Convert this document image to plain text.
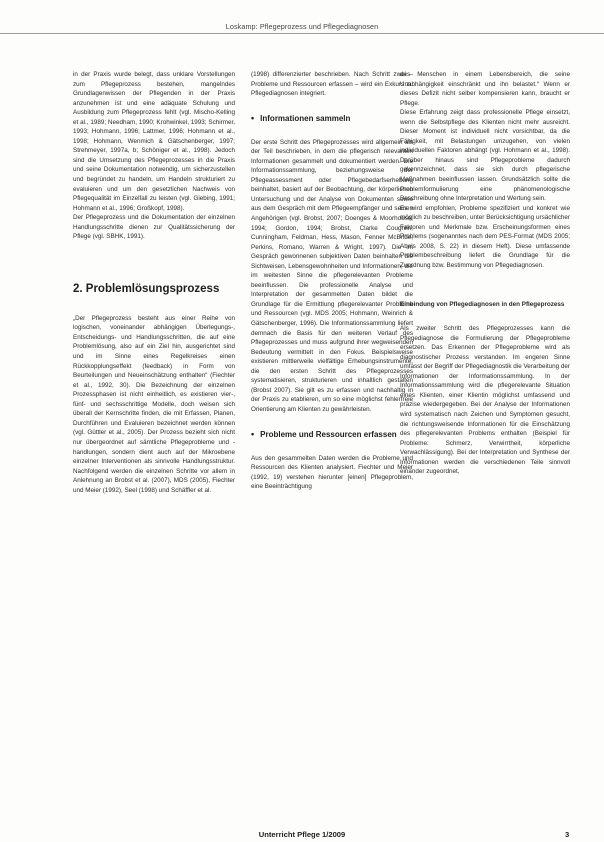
Loskamp: Pflegeprozess und Pflegediagnosen

in der Praxis wurde belegt, dass unklare Vorstellungen zum Pflegeprozess bestehen, mangelndes Grundlagenwissen der Pflegenden in der Praxis anzunehmen ist und eine adäquate Schulung und Ausbildung zum Pflegeprozess fehlt (vgl. Mischo-Kelling et al., 1989; Needham, 1990; Krohwinkel, 1993; Schirmer, 1993; Hohmann, 1996; Lattmer, 1996; Hohmann et al., 1998; Hohmann, Wenmich & Gätschenberger, 1997; Strehmeyer, 1997a, b; Schöniger et al., 1998). Jedoch sind die Umsetzung des Pflegeprozesses in die Praxis und seine Dokumentation notwendig, um sicherzustellen und begründet zu handeln, um Handeln strukturiert zu evaluieren und um den gesetzlichen Nachweis von Pflegequalität im Einzelfall zu leisten (vgl. Giebing, 1991; Hohmann et al., 1996; Großkopf, 1998).

Der Pflegeprozess und die Dokumentation der einzelnen Handlungsschritte dienen zur Qualitätssicherung der Pflege (vgl. SBHK, 1991).

2. Problemlösungsprozess

„Der Pflegeprozess besteht aus einer Reihe von logischen, voneinander abhängigen Überlegungs-, Entscheidungs- und Handlungsschritten, die auf eine Problemlösung, also auf ein Ziel hin, ausgerichtet sind und im Sinne eines Regelkreises einen Rückkopplungseffekt (feedback) in Form von Beurteilungen und Neueinschätzung enthalten“ (Fiechter et al., 1992, 30). Die Bezeichnung der einzelnen Prozessphasen ist nicht einheitlich, es existieren vier-, fünf- und sechsschrittige Modelle, doch weisen sich überall der Kernschritte finden, die mit Erfassen, Planen, Durchführen und Evaluieren bezeichnet werden können (vgl. Güttler et al., 2005). Der Prozess bezieht sich nicht nur übergeordnet auf sämtliche Pflegeprobleme und -handlungen, sondern dient auch auf der Mikroebene einzelner Interventionen als sinnvolle Handlungsstruktur. Nachfolgend werden die einzelnen Schritte vor allem in Anlehnung an Brobst et al. (2007), MDS (2005), Fiechter und Meier (1992), Seel (1998) und Schäffler et al.

(1998) differenzierter beschrieben. Nach Schritt zwei – Probleme und Ressourcen erfassen – wird ein Exkurs zu Pflegediagnosen integriert.

• Informationen sammeln

Der erste Schritt des Pflegeprozesses wird allgemein als der Teil beschrieben, in dem die pflegerisch relevanten Informationen gesammelt und dokumentiert werden. Die Informationssammlung, beziehungsweise der Pflegeassessment oder Pflegebedarfserhebung beinhaltet, basiert auf der Beobachtung, der körperlichen Untersuchung und der Analyse von Dokumenten sowie aus dem Gespräch mit dem Pflegeempfänger und seinen Angehörigen (vgl. Brobst, 2007; Doenges & Moorhouse, 1994; Gordon, 1994; Brobst, Clarke Coughlin, Cunningham, Feldman, Hess, Mason, Fenner McBride, Perkins, Romano, Warren & Wright, 1997). Die im Gespräch gewonnenen subjektiven Daten beinhalten die Sichtweisen, Lebensgewohnheiten und Informationen, die im weitesten Sinne die pflegerelevanten Probleme beeinflussen. Die professionelle Analyse und Interpretation der gesammelten Daten bildet die Grundlage für die Ermittlung pflegerelevanter Probleme und Ressourcen (vgl. MDS 2005; Hohmann, Weinrich & Gätschenberger, 1996). Die Informationssammlung liefert demnach die Basis für den weiteren Verlauf des Pflegeprozesses und muss aufgrund ihrer wegweisenden Bedeutung vermittelt in den Fokus. Beispielsweise existieren mittlerweile vielfältige Erhebungsinstrumente, die den ersten Schritt des Pflegeprozesses systematisieren, strukturieren und inhaltlich gestalten (Brobst 2007). Sie gilt es zu erfassen und nachhaltig in der Praxis zu etablieren, um so eine möglichst fehlerfreie Orientierung am Klienten zu gewährleisten.

• Probleme und Ressourcen erfassen

Aus den gesammelten Daten werden die Probleme und Ressourcen des Klienten analysiert. Fiechter und Meier (1992, 19) verstehen hierunter [einen] Pflegeproblem, eine Beeinträchtigung

des Menschen in einem Lebensbereich, die seine Unabhängigkeit einschränkt und ihn belastet.“ Wenn er dieses Defizit nicht selber kompensieren kann, braucht er Pflege.

Diese Erfahrung zeigt dass professionelle Pflege einsetzt, wenn die Selbstpflege des Klienten nicht mehr ausreicht. Dieser Moment ist individuell nicht vorsichtbar, da die Fähigkeit, mit Belastungen umzugehen, von vielen individuellen Faktoren abhängt (vgl. Hohmann et al., 1998). Darüber hinaus sind Pflegeprobleme dadurch gekennzeichnet, dass sie sich durch pflegerische Maßnahmen beeinflussen lassen. Grundsätzlich sollte die Problemformulierung eine phänomenologische Beschreibung ohne Interpretation und Wertung sein.

Es wird empfohlen, Probleme spezifiziert und konkret wie möglich zu beschreiben, unter Berücksichtigung ursächlicher Faktoren und Merkmale bzw. Erscheinungsformen eines Problems (sogenanntes nach dem PES-Format (MDS 2005; Abels 2008, S. 22) in diesem Heft). Diese umfassende Problembeschreibung liefert die Grundlage für die Zuordnung bzw. Bestimmung von Pflegediagnosen.

Einbindung von Pflegediagnosen in den Pflegeprozess

Als zweiter Schritt des Pflegeprozesses kann die Pflegediagnose die Formulierung der Pflegeprobleme ersetzen. Das Erkennen der Pflegeprobleme wird als diagnostischer Prozess verstanden. Im engeren Sinne umfasst der Begriff der Pflegediagnostik die Verarbeitung der Informationen der Informationssammlung. In der Informationssammlung wird die pflegerelevante Situation eines Klienten, einer Klientin möglichst umfassend und präzise wiedergegeben. Bei der Analyse der Informationen wird systematisch nach Zeichen und Symptomen gesucht, die richtungsweisende Informationen für die Einschätzung des pflegerelevanten Problems enthalten (Beispiel für Probleme: Schmerz, Verwirrtheit, körperliche Verwachlässigung). Bei der Interpretation und Synthese der Informationen werden die verschiedenen Teile sinnvoll einander zugeordnet,

Unterricht Pflege 1/2009	3
